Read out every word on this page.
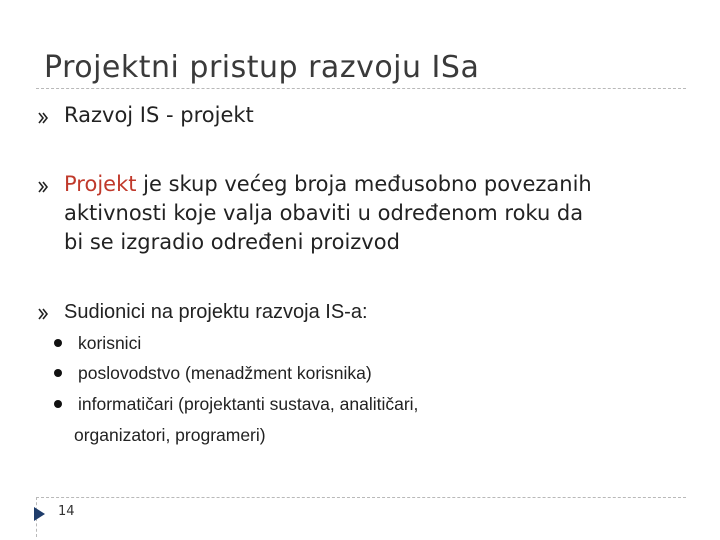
Projektni pristup razvoju ISa
Razvoj IS - projekt
Projekt je skup većeg broja međusobno povezanih
aktivnosti koje valja obaviti u određenom roku da
bi se izgradio određeni proizvod
Sudionici na projektu razvoja IS-a:
korisnici
poslovodstvo (menadžment korisnika)
informatičari (projektanti sustava, analitičari,
organizatori, programeri)
14
